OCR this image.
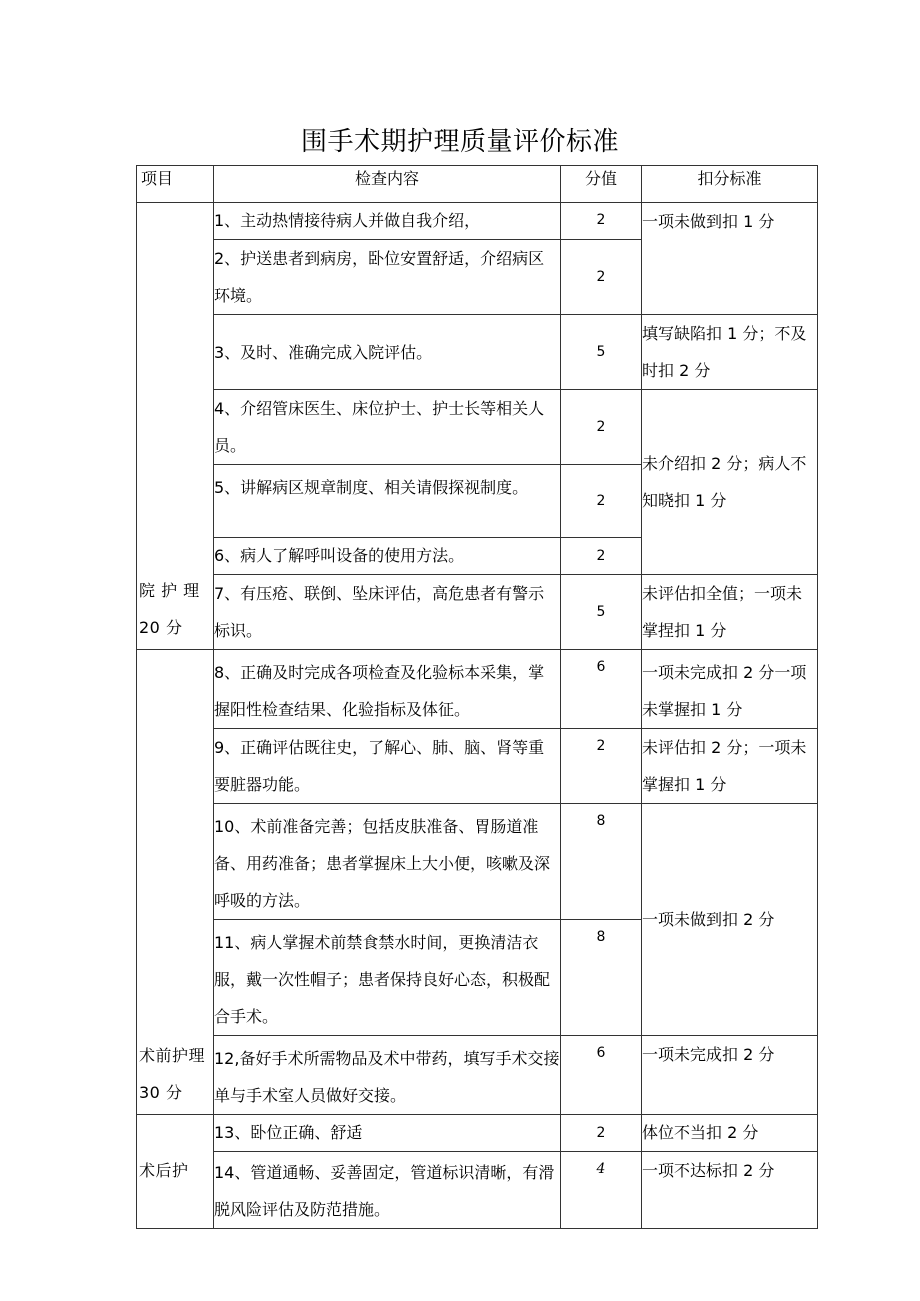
围手术期护理质量评价标准
项目	检查内容	分值	扣分标准

院 护 理
20 分	1、主动热情接待病人并做自我介绍，	2	一项未做到扣 1 分
	2、护送患者到病房，卧位安置舒适，介绍病区环境。	2	

	3、及时、准确完成入院评估。	5	填写缺陷扣 1 分；不及时扣 2 分
	4、介绍管床医生、床位护士、护士长等相关人员。	2	未介绍扣 2 分；病人不知晓扣 1 分
	5、讲解病区规章制度、相关请假探视制度。	2	

	6、病人了解呼叫设备的使用方法。	2	

	7、有压疮、联倒、坠床评估，高危患者有警示标识。	5	未评估扣全值；一项未掌捏扣 1 分

术前护理
30 分	8、正确及时完成各项检查及化验标本采集，掌握阳性检查结果、化验指标及体征。	6	一项未完成扣 2 分一项未掌握扣 1 分
	9、正确评估既往史，了解心、肺、脑、肾等重要脏器功能。	2	未评估扣 2 分；一项未掌握扣 1 分
	10、术前准备完善；包括皮肤准备、胃肠道准备、用药准备；患者掌握床上大小便，咳嗽及深呼吸的方法。	8	一项未做到扣 2 分
	11、病人掌握术前禁食禁水时间，更换清洁衣服，戴一次性帽子；患者保持良好心态，积极配合手术。	8	

	12,备好手术所需物品及术中带药，填写手术交接单与手术室人员做好交接。	6	一项未完成扣 2 分

术后护	13、卧位正确、舒适	2	体位不当扣 2 分
	14、管道通畅、妥善固定，管道标识清晰，有滑脱风险评估及防范措施。	4	一项不达标扣 2 分
